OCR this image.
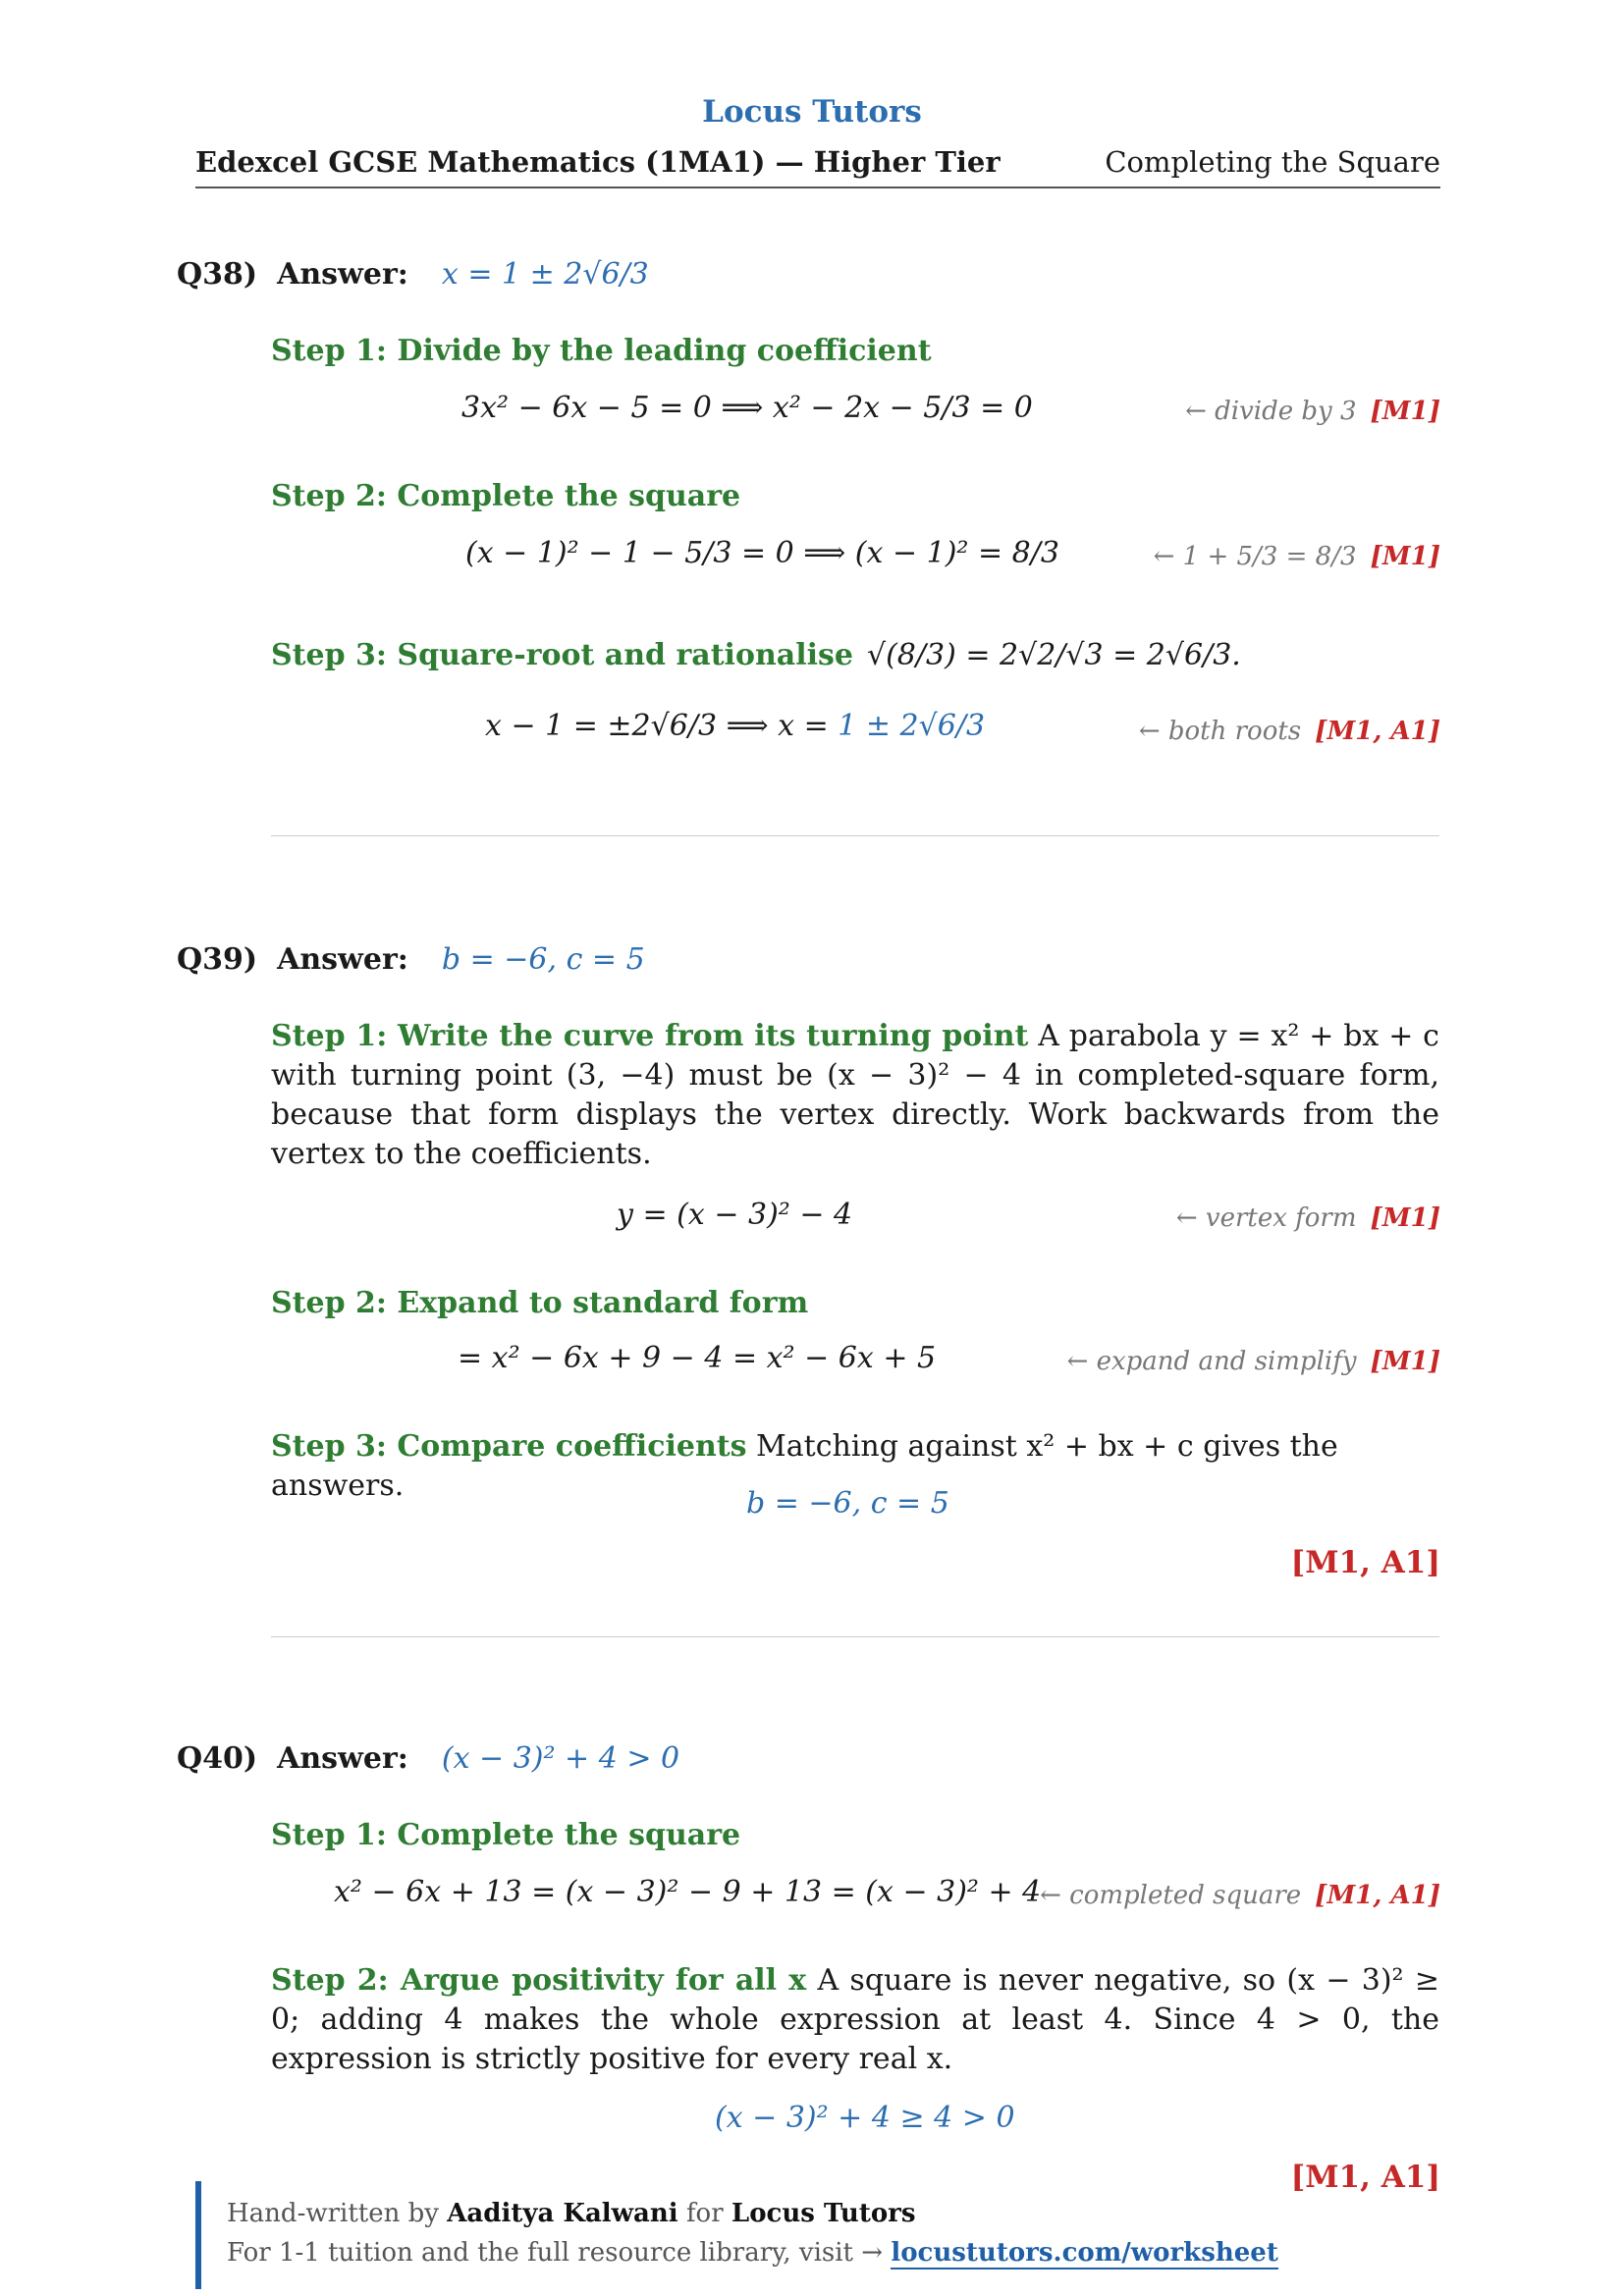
Locus Tutors
Edexcel GCSE Mathematics (1MA1) — Higher Tier	Completing the Square
Q38) Answer: x = 1 ± 2√6/3
Step 1: Divide by the leading coefficient
3x² − 6x − 5 = 0 ⟹ x² − 2x − 5/3 = 0	← divide by 3 [M1]
Step 2: Complete the square
(x − 1)² − 1 − 5/3 = 0 ⟹ (x − 1)² = 8/3	← 1 + 5/3 = 8/3 [M1]
Step 3: Square-root and rationalise √(8/3) = 2√2/√3 = 2√6/3.
x − 1 = ±2√6/3 ⟹ x = 1 ± 2√6/3	← both roots [M1, A1]
Q39) Answer: b = −6, c = 5
Step 1: Write the curve from its turning point A parabola y = x² + bx + c with turning point (3, −4) must be (x − 3)² − 4 in completed-square form, because that form displays the vertex directly. Work backwards from the vertex to the coefficients.
y = (x − 3)² − 4	← vertex form [M1]
Step 2: Expand to standard form
= x² − 6x + 9 − 4 = x² − 6x + 5	← expand and simplify [M1]
Step 3: Compare coefficients Matching against x² + bx + c gives the answers.
b = −6, c = 5
[M1, A1]
Q40) Answer: (x − 3)² + 4 > 0
Step 1: Complete the square
x² − 6x + 13 = (x − 3)² − 9 + 13 = (x − 3)² + 4
← completed square [M1, A1]
Step 2: Argue positivity for all x A square is never negative, so (x − 3)² ≥ 0; adding 4 makes the whole expression at least 4. Since 4 > 0, the expression is strictly positive for every real x.
(x − 3)² + 4 ≥ 4 > 0
[M1, A1]
Hand-written by Aaditya Kalwani for Locus Tutors
For 1-1 tuition and the full resource library, visit → locustutors.com/worksheet
